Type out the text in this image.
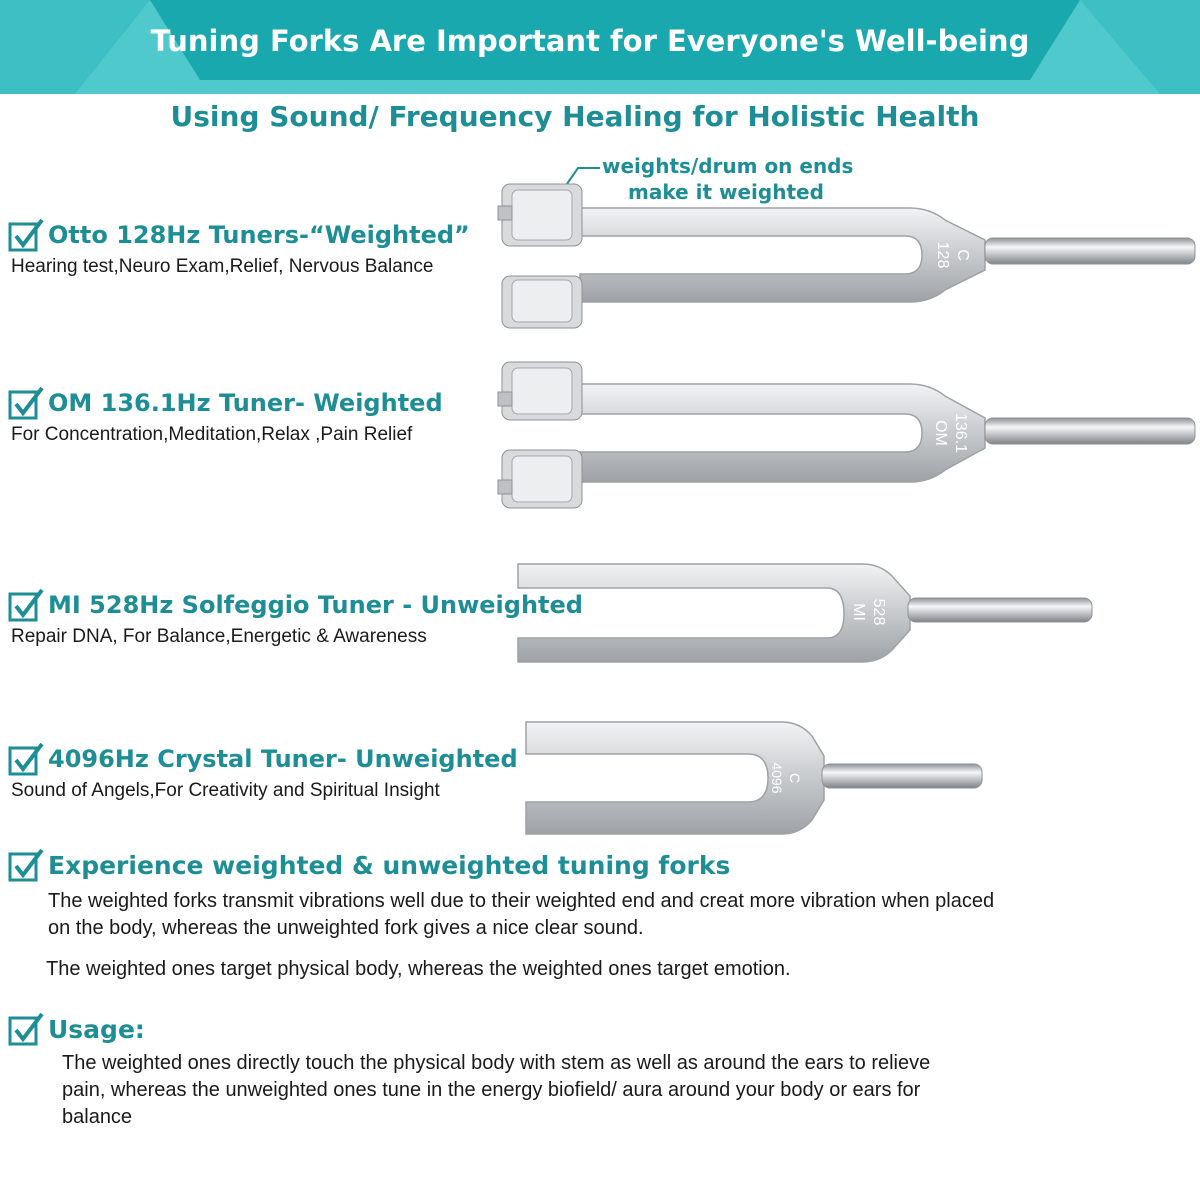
Tuning Forks Are Important for Everyone's Well-being
Using Sound/ Frequency Healing for Holistic Health
weights/drum on ends
make it weighted
Otto 128Hz Tuners-“Weighted”
Hearing test,Neuro Exam,Relief, Nervous Balance
OM 136.1Hz Tuner- Weighted
For Concentration,Meditation,Relax ,Pain Relief
MI 528Hz Solfeggio Tuner - Unweighted
Repair DNA, For Balance,Energetic & Awareness
4096Hz Crystal Tuner- Unweighted
Sound of Angels,For Creativity and Spiritual Insight
128 C
OM 136.1
MI 528
4096 C
Experience weighted & unweighted tuning forks
The weighted forks transmit vibrations well due to their weighted end and creat more vibration when placed
on the body, whereas the unweighted fork gives a nice clear sound.
The weighted ones target physical body, whereas the weighted ones target emotion.
Usage:
The weighted ones directly touch the physical body with stem as well as around the ears to relieve
pain, whereas the unweighted ones tune in the energy biofield/ aura around your body or ears for
balance
